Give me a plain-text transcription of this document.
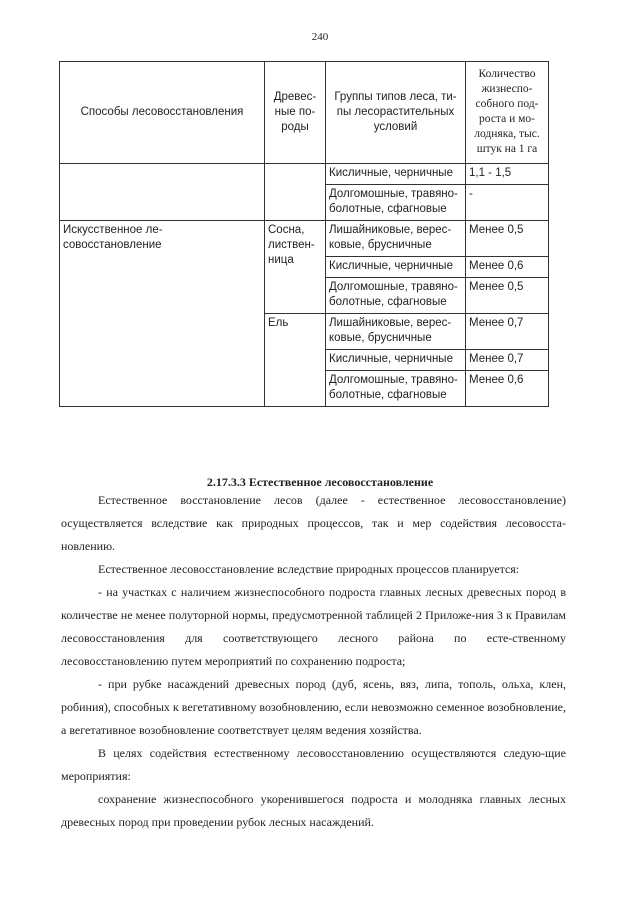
240
Способы лесовосстановления	Древес-ные по-роды	Группы типов леса, ти-пы лесорастительных условий	Количество жизнеспо-собного под-роста и мо-лодняка, тыс. штук на 1 га
		Кисличные, черничные	1,1 - 1,5
		Долгомошные, травяно-болотные, сфагновые	-
Искусственное ле-совосстановление	Сосна, листвен-ница	Лишайниковые, верес-ковые, брусничные	Менее 0,5
		Кисличные, черничные	Менее 0,6
		Долгомошные, травяно-болотные, сфагновые	Менее 0,5
	Ель	Лишайниковые, верес-ковые, брусничные	Менее 0,7
		Кисличные, черничные	Менее 0,7
		Долгомошные, травяно-болотные, сфагновые	Менее 0,6
2.17.3.3 Естественное лесовосстановление

Естественное восстановление лесов (далее - естественное лесовосстановление) осуществляется вследствие как природных процессов, так и мер содействия лесовосста-новлению.

Естественное лесовосстановление вследствие природных процессов планируется:

- на участках с наличием жизнеспособного подроста главных лесных древесных пород в количестве не менее полуторной нормы, предусмотренной таблицей 2 Приложе-ния 3 к Правилам лесовосстановления для соответствующего лесного района по есте-ственному лесовосстановлению путем мероприятий по сохранению подроста;

- при рубке насаждений древесных пород (дуб, ясень, вяз, липа, тополь, ольха, клен, робиния), способных к вегетативному возобновлению, если невозможно семенное возобновление, а вегетативное возобновление соответствует целям ведения хозяйства.

В целях содействия естественному лесовосстановлению осуществляются следую-щие мероприятия:

сохранение жизнеспособного укоренившегося подроста и молодняка главных лесных древесных пород при проведении рубок лесных насаждений.
